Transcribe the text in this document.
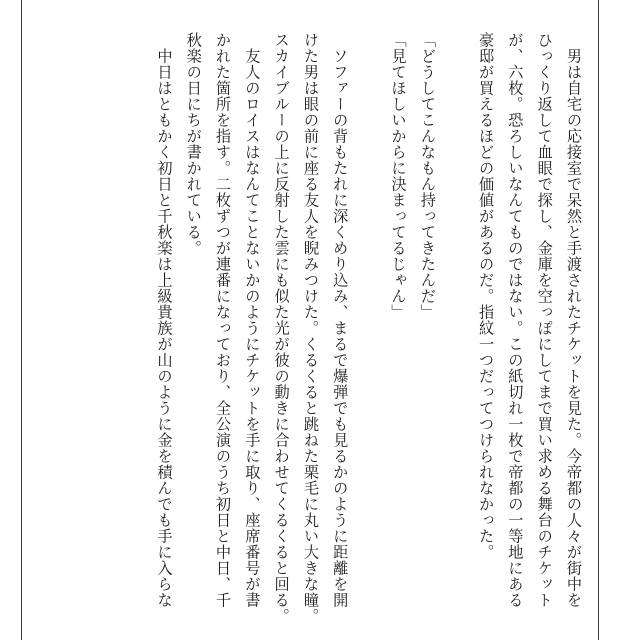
　男は自宅の応接室で呆然と手渡されたチケットを見た。今帝都の人々が街中を
ひっくり返して血眼で探し、金庫を空っぽにしてまで買い求める舞台のチケット
が、六枚。恐ろしいなんてものではない。この紙切れ一枚で帝都の一等地にある
豪邸が買えるほどの価値があるのだ。指紋一つだってつけられなかった。
「どうしてこんなもん持ってきたんだ」
「見てほしいからに決まってるじゃん」
　ソファーの背もたれに深くめり込み、まるで爆弾でも見るかのように距離を開
けた男は眼の前に座る友人を睨みつけた。くるくると跳ねた栗毛に丸い大きな瞳。
スカイブルーの上に反射した雲にも似た光が彼の動きに合わせてくるくると回る。
　友人のロイスはなんてことないかのようにチケットを手に取り、座席番号が書
かれた箇所を指す。二枚ずつが連番になっており、全公演のうち初日と中日、千
秋楽の日にちが書かれている。
　中日はともかく初日と千秋楽は上級貴族が山のように金を積んでも手に入らな
